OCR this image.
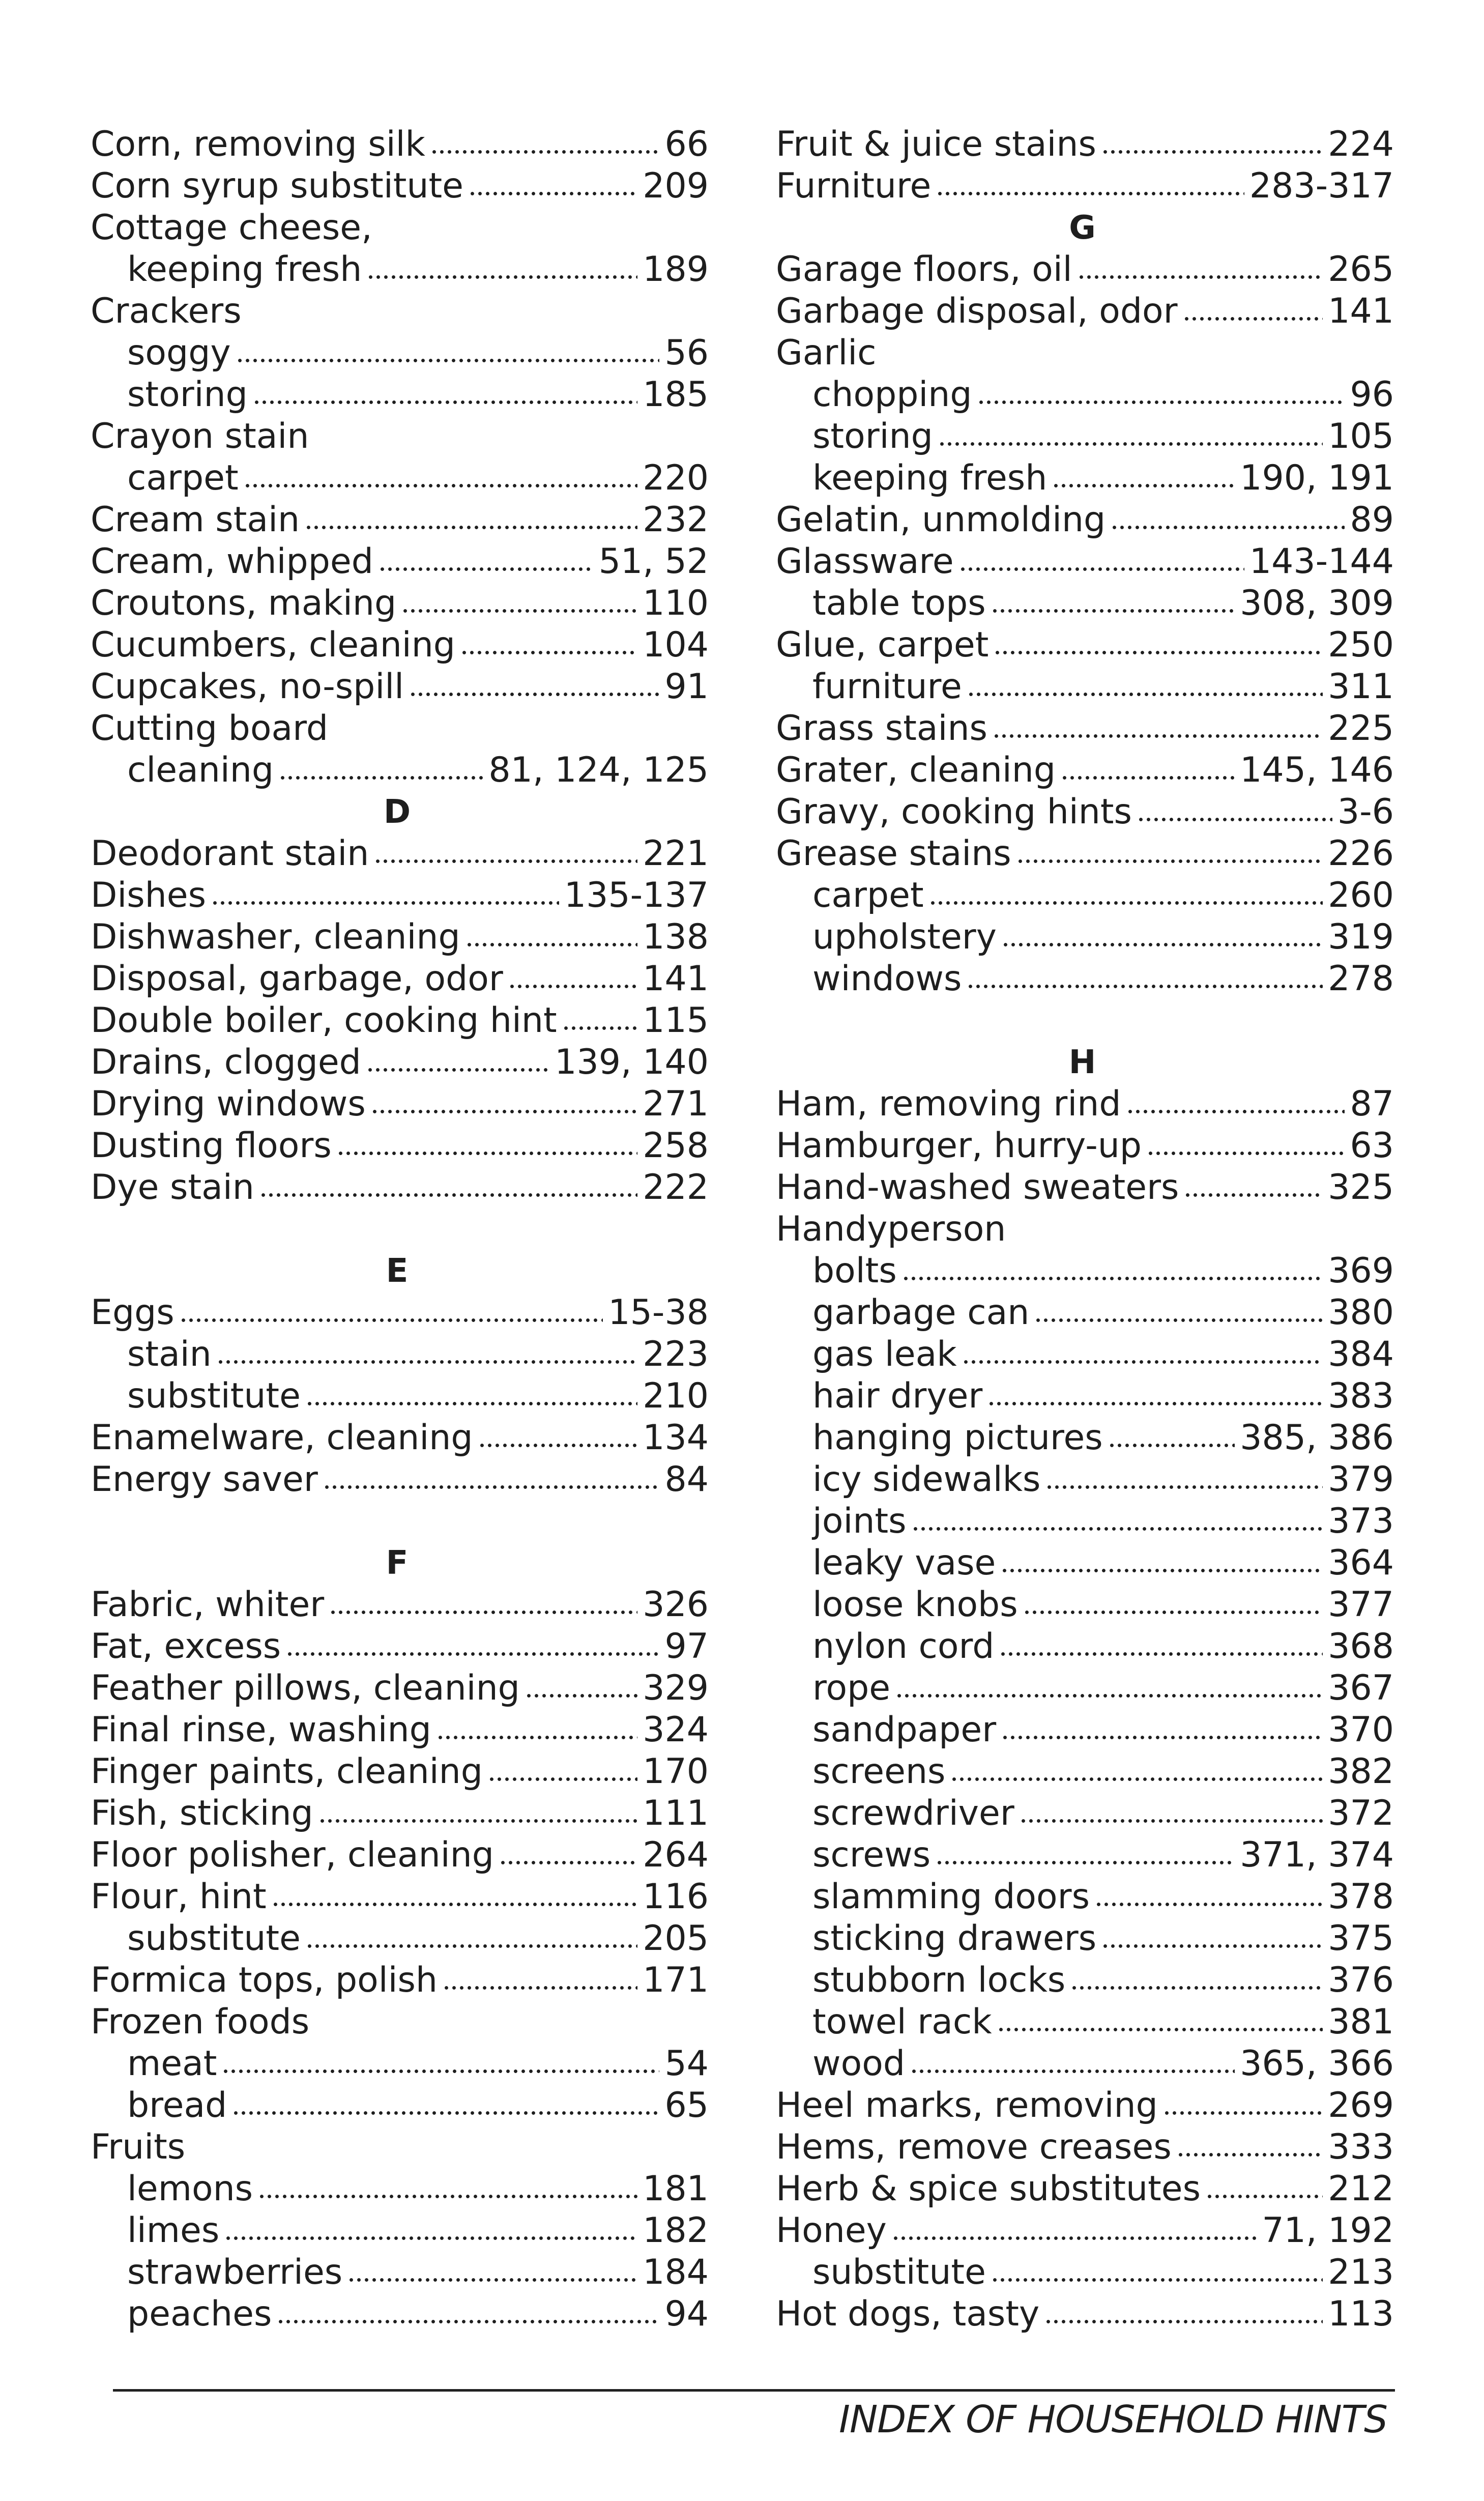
Corn, removing silk	66
Corn syrup substitute	209
Cottage cheese,
keeping fresh	189
Crackers
soggy	56
storing	185
Crayon stain
carpet	220
Cream stain	232
Cream, whipped	51, 52
Croutons, making	110
Cucumbers, cleaning	104
Cupcakes, no-spill	91
Cutting board
cleaning	81, 124, 125
D
Deodorant stain	221
Dishes	135-137
Dishwasher, cleaning	138
Disposal, garbage, odor	141
Double boiler, cooking hint 115
Drains, clogged	139, 140
Drying windows	271
Dusting floors	258
Dye stain	222
E
Eggs	15-38
stain	223
substitute	210
Enamelware, cleaning	134
Energy saver	84
F
Fabric, whiter	326
Fat, excess	97
Feather pillows, cleaning	329
Final rinse, washing	324
Finger paints, cleaning	170
Fish, sticking	111
Floor polisher, cleaning	264
Flour, hint	116
substitute	205
Formica tops, polish	171
Frozen foods
meat	54
bread	65
Fruits
lemons	181
limes	182
strawberries	184
peaches	94
Fruit & juice stains	224
Furniture	283-317
G
Garage floors, oil	265
Garbage disposal, odor	141
Garlic
chopping	96
storing	105
keeping fresh	190, 191
Gelatin, unmolding	89
Glassware	143-144
table tops	308, 309
Glue, carpet	250
furniture	311
Grass stains	225
Grater, cleaning	145, 146
Gravy, cooking hints	3-6
Grease stains	226
carpet	260
upholstery	319
windows	278
H
Ham, removing rind	87
Hamburger, hurry-up	63
Hand-washed sweaters	325
Handyperson
bolts	369
garbage can	380
gas leak	384
hair dryer	383
hanging pictures	385, 386
icy sidewalks	379
joints	373
leaky vase	364
loose knobs	377
nylon cord	368
rope	367
sandpaper	370
screens	382
screwdriver	372
screws	371, 374
slamming doors	378
sticking drawers	375
stubborn locks	376
towel rack	381
wood	365, 366
Heel marks, removing	269
Hems, remove creases	333
Herb & spice substitutes	212
Honey	71, 192
substitute	213
Hot dogs, tasty	113
INDEX OF HOUSEHOLD HINTS
